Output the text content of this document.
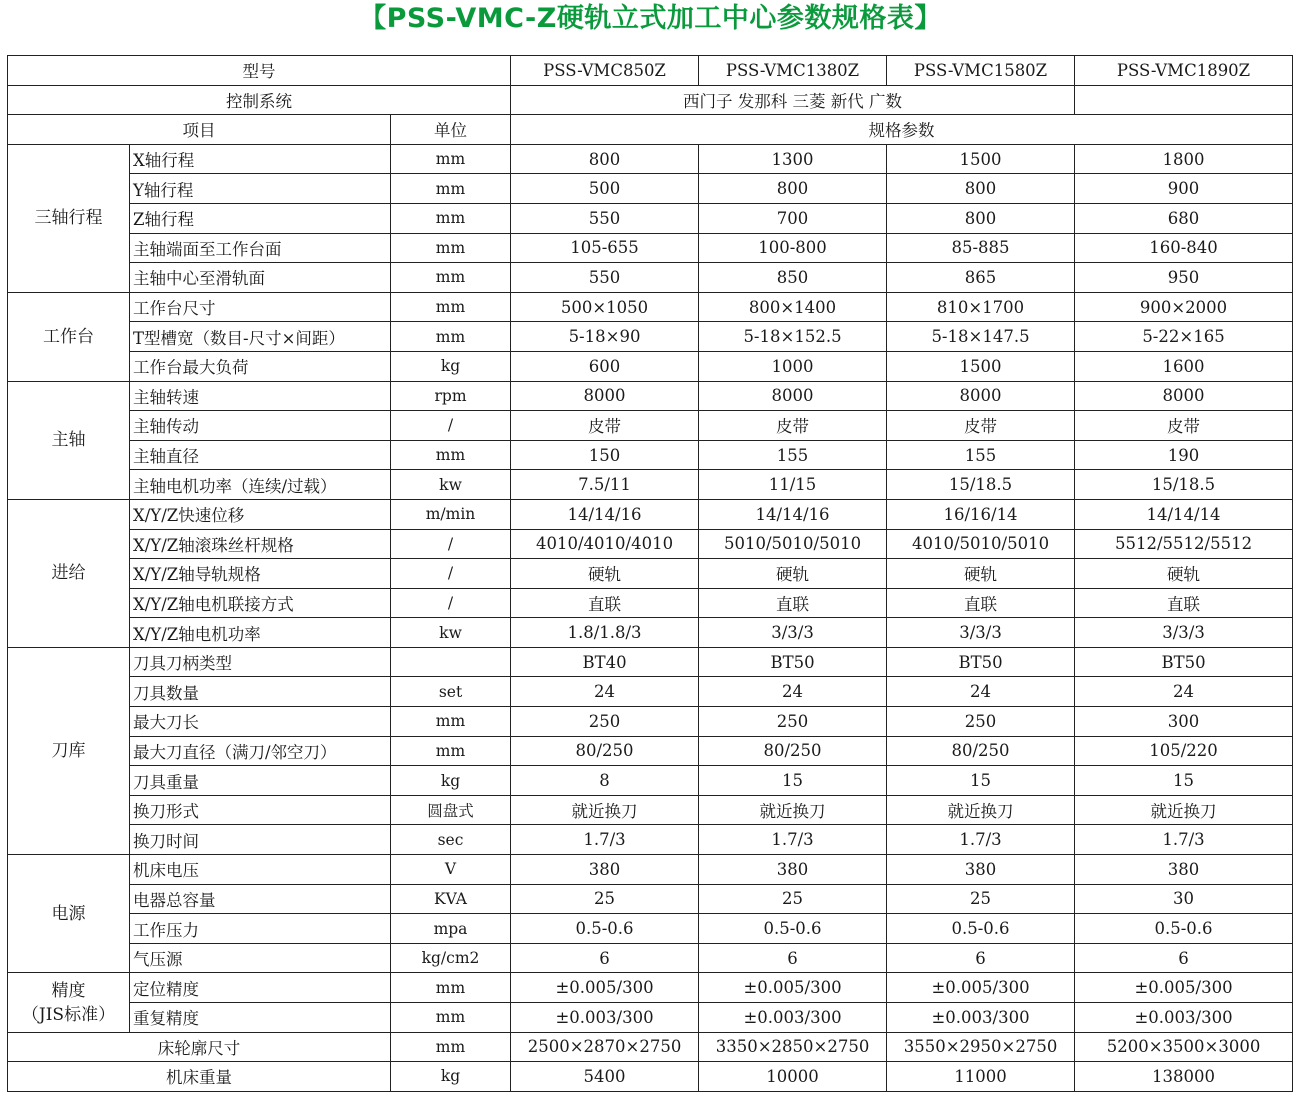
【PSS-VMC-Z硬轨立式加工中心参数规格表】
型号			PSS-VMC850Z	PSS-VMC1380Z	PSS-VMC1580Z	PSS-VMC1890Z
控制系统			西门子 发那科 三菱 新代 广数			
项目		单位	规格参数			
三轴行程	X轴行程	mm	800	1300	1500	1800
	Y轴行程	mm	500	800	800	900
	Z轴行程	mm	550	700	800	680
	主轴端面至工作台面	mm	105-655	100-800	85-885	160-840
	主轴中心至滑轨面	mm	550	850	865	950
工作台	工作台尺寸	mm	500×1050	800×1400	810×1700	900×2000
	T型槽宽（数目-尺寸×间距）	mm	5-18×90	5-18×152.5	5-18×147.5	5-22×165
	工作台最大负荷	kg	600	1000	1500	1600
主轴	主轴转速	rpm	8000	8000	8000	8000
	主轴传动	/	皮带	皮带	皮带	皮带
	主轴直径	mm	150	155	155	190
	主轴电机功率（连续/过载）	kw	7.5/11	11/15	15/18.5	15/18.5
进给	X/Y/Z快速位移	m/min	14/14/16	14/14/16	16/16/14	14/14/14
	X/Y/Z轴滚珠丝杆规格	/	4010/4010/4010	5010/5010/5010	4010/5010/5010	5512/5512/5512
	X/Y/Z轴导轨规格	/	硬轨	硬轨	硬轨	硬轨
	X/Y/Z轴电机联接方式	/	直联	直联	直联	直联
	X/Y/Z轴电机功率	kw	1.8/1.8/3	3/3/3	3/3/3	3/3/3
刀库	刀具刀柄类型		BT40	BT50	BT50	BT50
	刀具数量	set	24	24	24	24
	最大刀长	mm	250	250	250	300
	最大刀直径（满刀/邻空刀）	mm	80/250	80/250	80/250	105/220
	刀具重量	kg	8	15	15	15
	换刀形式	圆盘式	就近换刀	就近换刀	就近换刀	就近换刀
	换刀时间	sec	1.7/3	1.7/3	1.7/3	1.7/3
电源	机床电压	V	380	380	380	380
	电器总容量	KVA	25	25	25	30
	工作压力	mpa	0.5-0.6	0.5-0.6	0.5-0.6	0.5-0.6
	气压源	kg/cm2	6	6	6	6
精度
（JIS标准）	定位精度	mm	±0.005/300	±0.005/300	±0.005/300	±0.005/300
	重复精度	mm	±0.003/300	±0.003/300	±0.003/300	±0.003/300
床轮廓尺寸		mm	2500×2870×2750	3350×2850×2750	3550×2950×2750	5200×3500×3000
机床重量		kg	5400	10000	11000	138000
